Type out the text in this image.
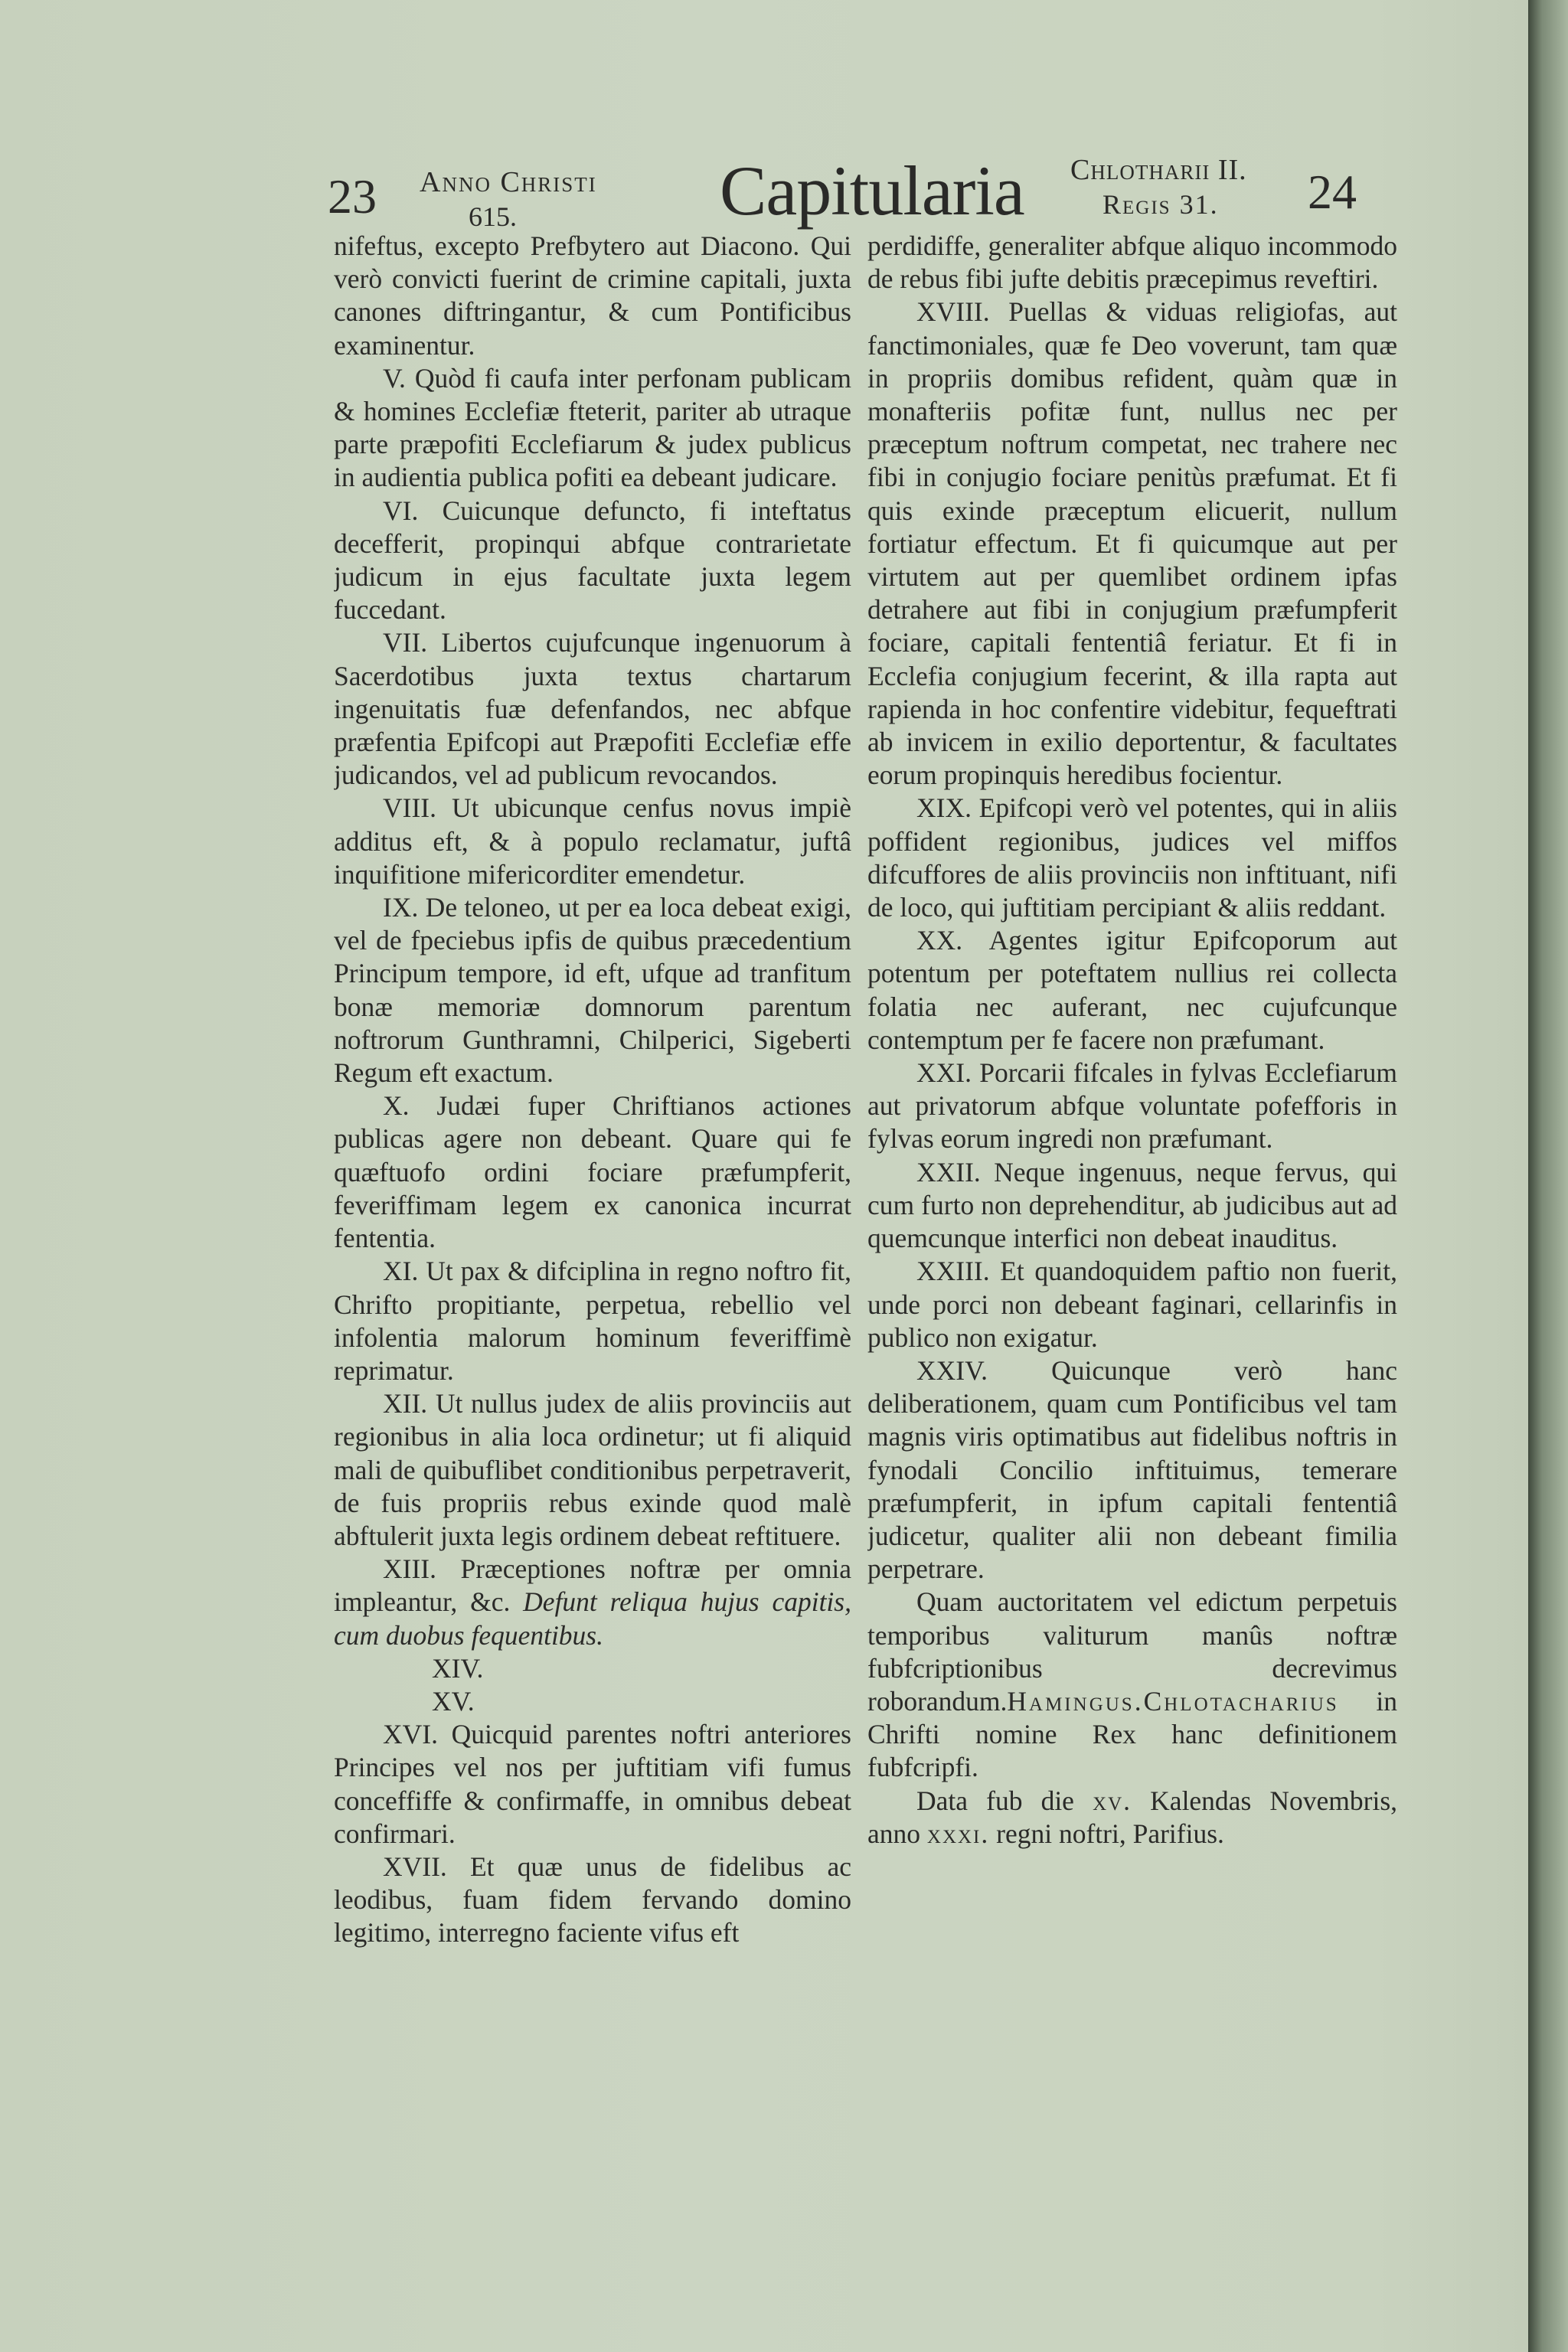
23 Anno Christi
615.	Capitularia Chlotharii II.
Regis 31. 24

nifeftus, excepto Prefbytero aut Diacono. Qui verò convicti fuerint de crimine capitali, juxta canones diftringantur, & cum Pontificibus examinentur.

V. Quòd fi caufa inter perfonam publicam & homines Ecclefiæ fteterit, pariter ab utraque parte præpofiti Ecclefiarum & judex publicus in audientia publica pofiti ea debeant judicare.

VI. Cuicunque defuncto, fi inteftatus decefferit, propinqui abfque contrarietate judicum in ejus facultate juxta legem fuccedant.

VII. Libertos cujufcunque ingenuorum à Sacerdotibus juxta textus chartarum ingenuitatis fuæ defenfandos, nec abfque præfentia Epifcopi aut Præpofiti Ecclefiæ effe judicandos, vel ad publicum revocandos.

VIII. Ut ubicunque cenfus novus impiè additus eft, & à populo reclamatur, juftâ inquifitione mifericorditer emendetur.

IX. De teloneo, ut per ea loca debeat exigi, vel de fpeciebus ipfis de quibus præcedentium Principum tempore, id eft, ufque ad tranfitum bonæ memoriæ domnorum parentum noftrorum Gunthramni, Chilperici, Sigeberti Regum eft exactum.

X. Judæi fuper Chriftianos actiones publicas agere non debeant. Quare qui fe quæftuofo ordini fociare præfumpferit, feveriffimam legem ex canonica incurrat fententia.

XI. Ut pax & difciplina in regno noftro fit, Chrifto propitiante, perpetua, rebellio vel infolentia malorum hominum feveriffimè reprimatur.

XII. Ut nullus judex de aliis provinciis aut regionibus in alia loca ordinetur; ut fi aliquid mali de quibuflibet conditionibus perpetraverit, de fuis propriis rebus exinde quod malè abftulerit juxta legis ordinem debeat reftituere.

XIII. Præceptiones noftræ per omnia impleantur, &c. Defunt reliqua hujus capitis, cum duobus fequentibus.

XIV.

XV.

XVI. Quicquid parentes noftri anteriores Principes vel nos per juftitiam vifi fumus conceffiffe & confirmaffe, in omnibus debeat confirmari.

XVII. Et quæ unus de fidelibus ac leodibus, fuam fidem fervando domino legitimo, interregno faciente vifus eft

perdidiffe, generaliter abfque aliquo incommodo de rebus fibi jufte debitis præcepimus reveftiri.

XVIII. Puellas & viduas religiofas, aut fanctimoniales, quæ fe Deo voverunt, tam quæ in propriis domibus refident, quàm quæ in monafteriis pofitæ funt, nullus nec per præceptum noftrum competat, nec trahere nec fibi in conjugio fociare penitùs præfumat. Et fi quis exinde præceptum elicuerit, nullum fortiatur effectum. Et fi quicumque aut per virtutem aut per quemlibet ordinem ipfas detrahere aut fibi in conjugium præfumpferit fociare, capitali fententiâ feriatur. Et fi in Ecclefia conjugium fecerint, & illa rapta aut rapienda in hoc confentire videbitur, fequeftrati ab invicem in exilio deportentur, & facultates eorum propinquis heredibus focientur.

XIX. Epifcopi verò vel potentes, qui in aliis poffident regionibus, judices vel miffos difcuffores de aliis provinciis non inftituant, nifi de loco, qui juftitiam percipiant & aliis reddant.

XX. Agentes igitur Epifcoporum aut potentum per poteftatem nullius rei collecta folatia nec auferant, nec cujufcunque contemptum per fe facere non præfumant.

XXI. Porcarii fifcales in fylvas Ecclefiarum aut privatorum abfque voluntate pofefforis in fylvas eorum ingredi non præfumant.

XXII. Neque ingenuus, neque fervus, qui cum furto non deprehenditur, ab judicibus aut ad quemcunque interfici non debeat inauditus.

XXIII. Et quandoquidem paftio non fuerit, unde porci non debeant faginari, cellarinfis in publico non exigatur.

XXIV. Quicunque verò hanc deliberationem, quam cum Pontificibus vel tam magnis viris optimatibus aut fidelibus noftris in fynodali Concilio inftituimus, temerare præfumpferit, in ipfum capitali fententiâ judicetur, qualiter alii non debeant fimilia perpetrare.

Quam auctoritatem vel edictum perpetuis temporibus valiturum manûs noftræ fubfcriptionibus decrevimus roborandum.Hamingus.Chlotacharius in Chrifti nomine Rex hanc definitionem fubfcripfi.

Data fub die xv. Kalendas Novembris, anno xxxi. regni noftri, Parifius.
